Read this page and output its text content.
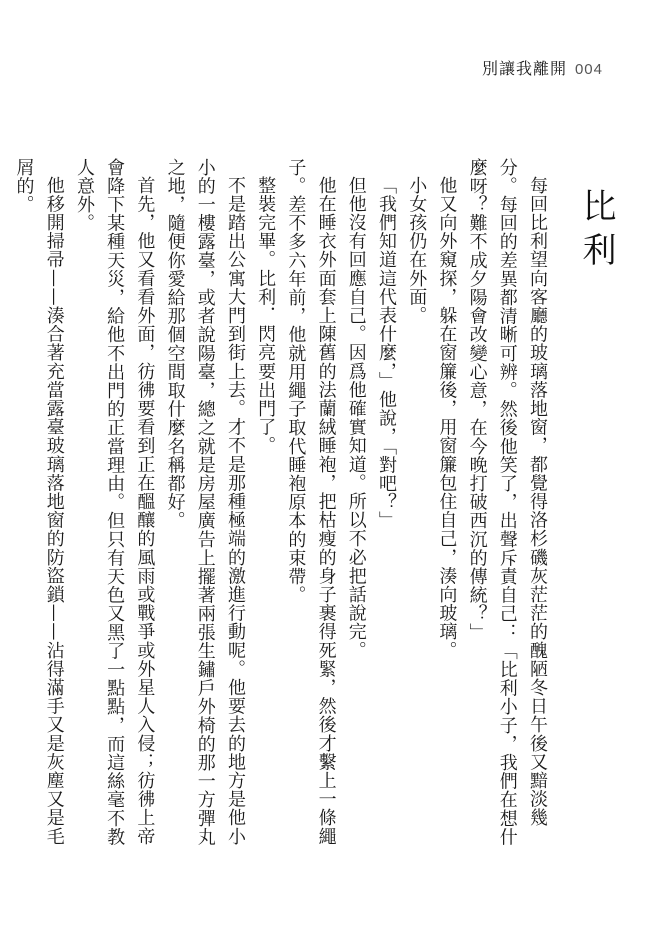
別讓我離開 004
比利

每回比利望向客廳的玻璃落地窗，都覺得洛杉磯灰茫茫的醜陋冬日午後又黯淡幾分。每回的差異都清晰可辨。然後他笑了，出聲斥責自己：「比利小子，我們在想什麼呀？難不成夕陽會改變心意，在今晚打破西沉的傳統？」

他又向外窺探，躲在窗簾後，用窗簾包住自己，湊向玻璃。

小女孩仍在外面。

「我們知道這代表什麼，」他說，「對吧？」

但他沒有回應自己。因爲他確實知道。所以不必把話說完。

他在睡衣外面套上陳舊的法蘭絨睡袍，把枯瘦的身子裹得死緊，然後才繫上一條繩子。差不多六年前，他就用繩子取代睡袍原本的束帶。

整裝完畢。比利．閃亮要出門了。

不是踏出公寓大門到街上去。才不是那種極端的激進行動呢。他要去的地方是他小小的一樓露臺，或者說陽臺，總之就是房屋廣告上擺著兩張生鏽戶外椅的那一方彈丸之地，隨便你愛給那個空間取什麼名稱都好。

首先，他又看看外面，彷彿要看到正在醞釀的風雨或戰爭或外星人入侵；彷彿上帝會降下某種天災，給他不出門的正當理由。但只有天色又黑了一點點，而這絲毫不教人意外。

他移開掃帚——湊合著充當露臺玻璃落地窗的防盜鎖——沾得滿手又是灰塵又是毛屑的。
